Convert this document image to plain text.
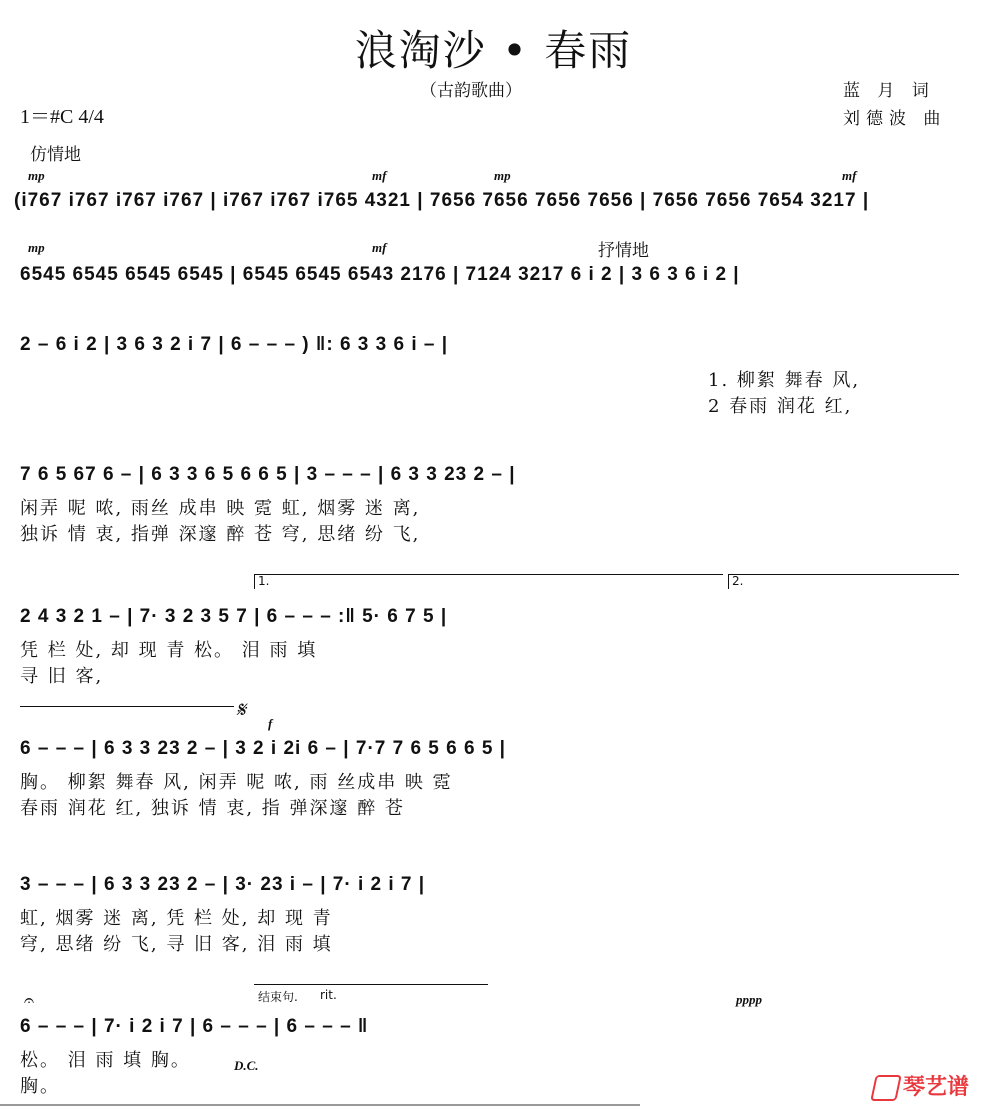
浪淘沙 • 春雨
（古韵歌曲）	蓝 月 词
刘德波 曲
1＝#C 4/4
仿情地
mp	mf	mp	mf
(i767 i767 i767 i767 | i767 i767 i765 4321 | 7656 7656 7656 7656 | 7656 7656 7654 3217 |
mp	mf	抒情地
6545 6545 6545 6545 | 6545 6545 6543 2176 | 7124 3217 6 i 2 | 3 6 3 6 i 2 |
2 – 6 i 2 | 3 6 3 2 i 7 | 6 – – – ) ‖: 6 3 3 6 i – |
1. 柳絮 舞春 风,
2 春雨 润花 红,
7 6 5 67 6 – | 6 3 3 6 5 6 6 5 | 3 – – – | 6 3 3 23 2 – |
闲弄 呢 哝, 雨丝 成串 映 霓 虹, 烟雾 迷 离,
独诉 情 衷, 指弹 深邃 醉 苍 穹, 思绪 纷 飞,
1.	2.
2 4 3 2 1 – | 7· 3 2 3 5 7 | 6 – – – :‖ 5· 6 7 5 |
凭 栏 处, 却 现 青 松。 泪 雨 填
寻 旧 客,
𝄋
f
6 – – – | 6 3 3 23 2 – | 3 2 i 2i 6 – | 7·7 7 6 5 6 6 5 |
胸。 柳絮 舞春 风, 闲弄 呢 哝, 雨 丝成串 映 霓
春雨 润花 红, 独诉 情 衷, 指 弹深邃 醉 苍
3 – – – | 6 3 3 23 2 – | 3· 23 i – | 7· i 2 i 7 |
虹, 烟雾 迷 离, 凭 栏 处, 却 现 青
穹, 思绪 纷 飞, 寻 旧 客, 泪 雨 填
𝄐	结束句. rit.	pppp
6 – – – | 7· i 2 i 7 | 6 – – – | 6 – – – ‖
D.C.
松。 泪 雨 填 胸。
胸。	琴艺谱
